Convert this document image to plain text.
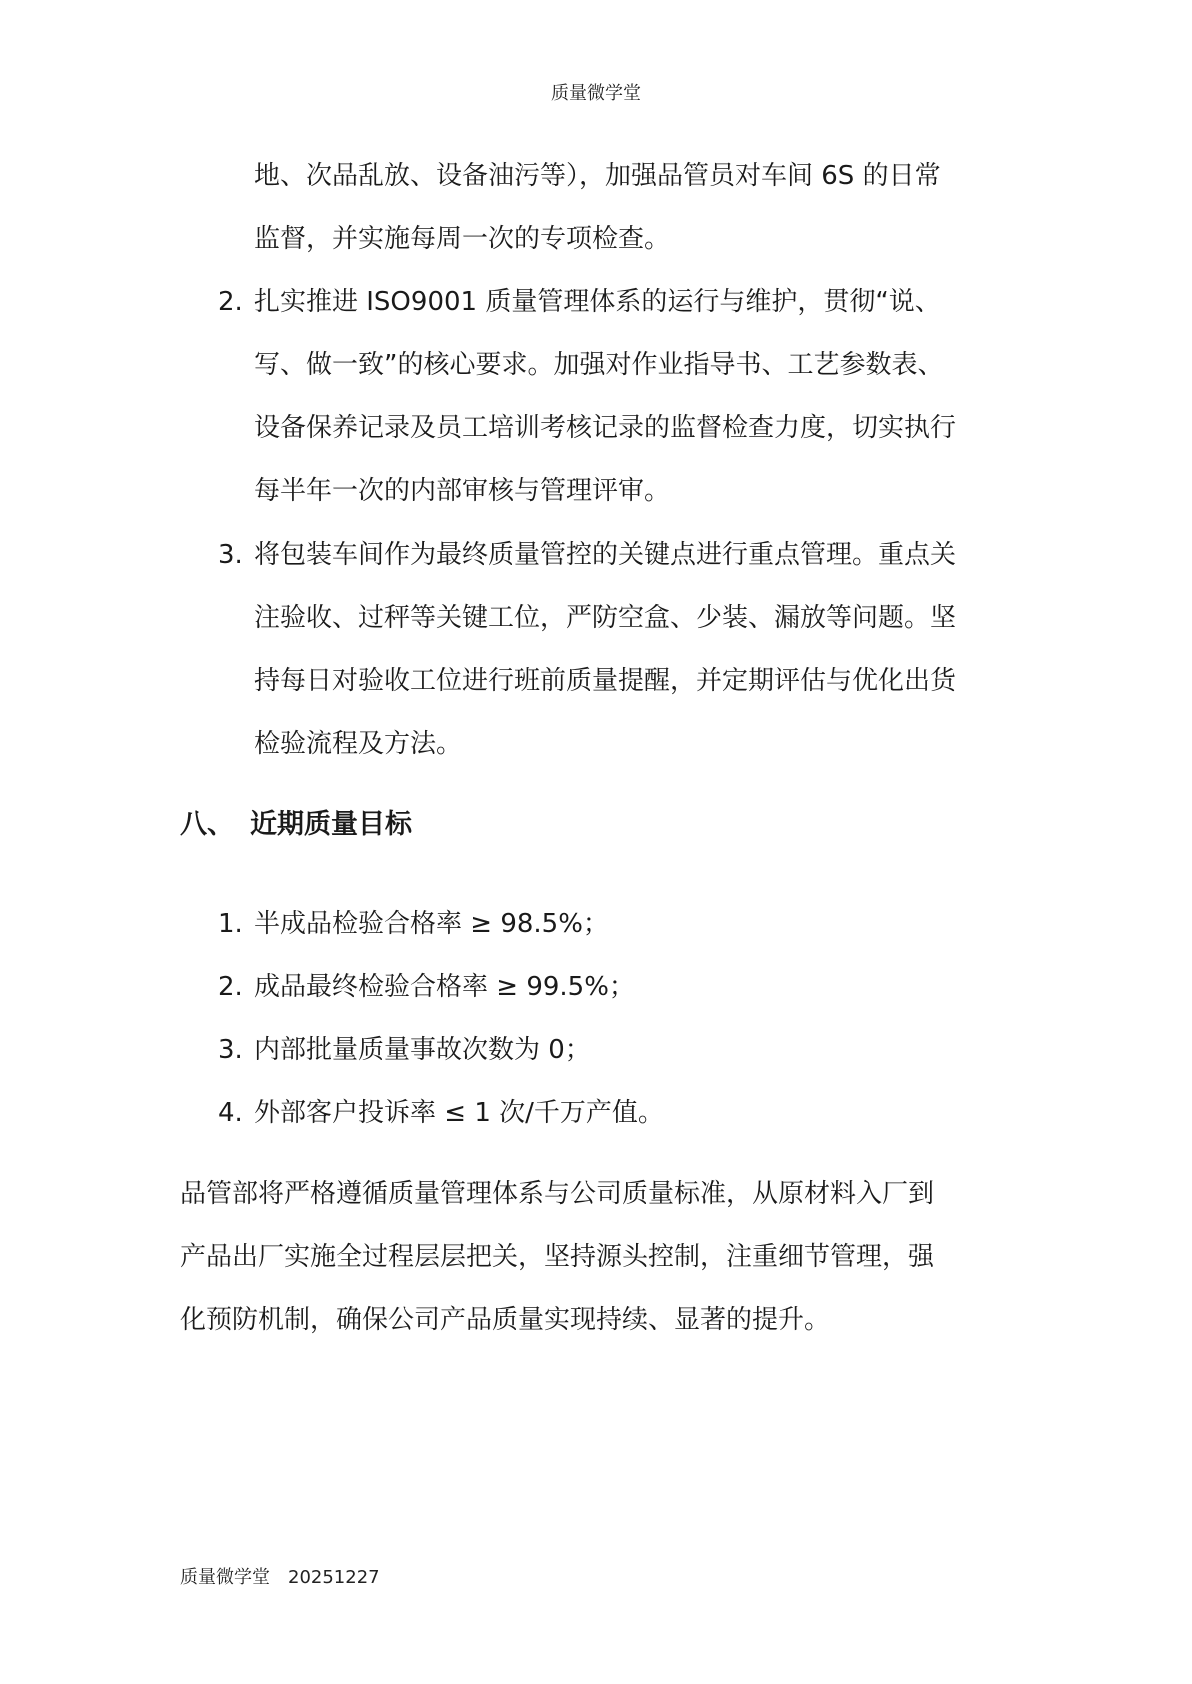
质量微学堂
地、次品乱放、设备油污等），加强品管员对车间 6S 的日常
监督，并实施每周一次的专项检查。
2. 扎实推进 ISO9001 质量管理体系的运行与维护，贯彻“说、
写、做一致”的核心要求。加强对作业指导书、工艺参数表、
设备保养记录及员工培训考核记录的监督检查力度，切实执行
每半年一次的内部审核与管理评审。
3. 将包装车间作为最终质量管控的关键点进行重点管理。重点关
注验收、过秤等关键工位，严防空盒、少装、漏放等问题。坚
持每日对验收工位进行班前质量提醒，并定期评估与优化出货
检验流程及方法。
八、 近期质量目标
1. 半成品检验合格率 ≥ 98.5%；
2. 成品最终检验合格率 ≥ 99.5%；
3. 内部批量质量事故次数为 0；
4. 外部客户投诉率 ≤ 1 次/千万产值。
品管部将严格遵循质量管理体系与公司质量标准，从原材料入厂到
产品出厂实施全过程层层把关，坚持源头控制，注重细节管理，强
化预防机制，确保公司产品质量实现持续、显著的提升。
质量微学堂 20251227
